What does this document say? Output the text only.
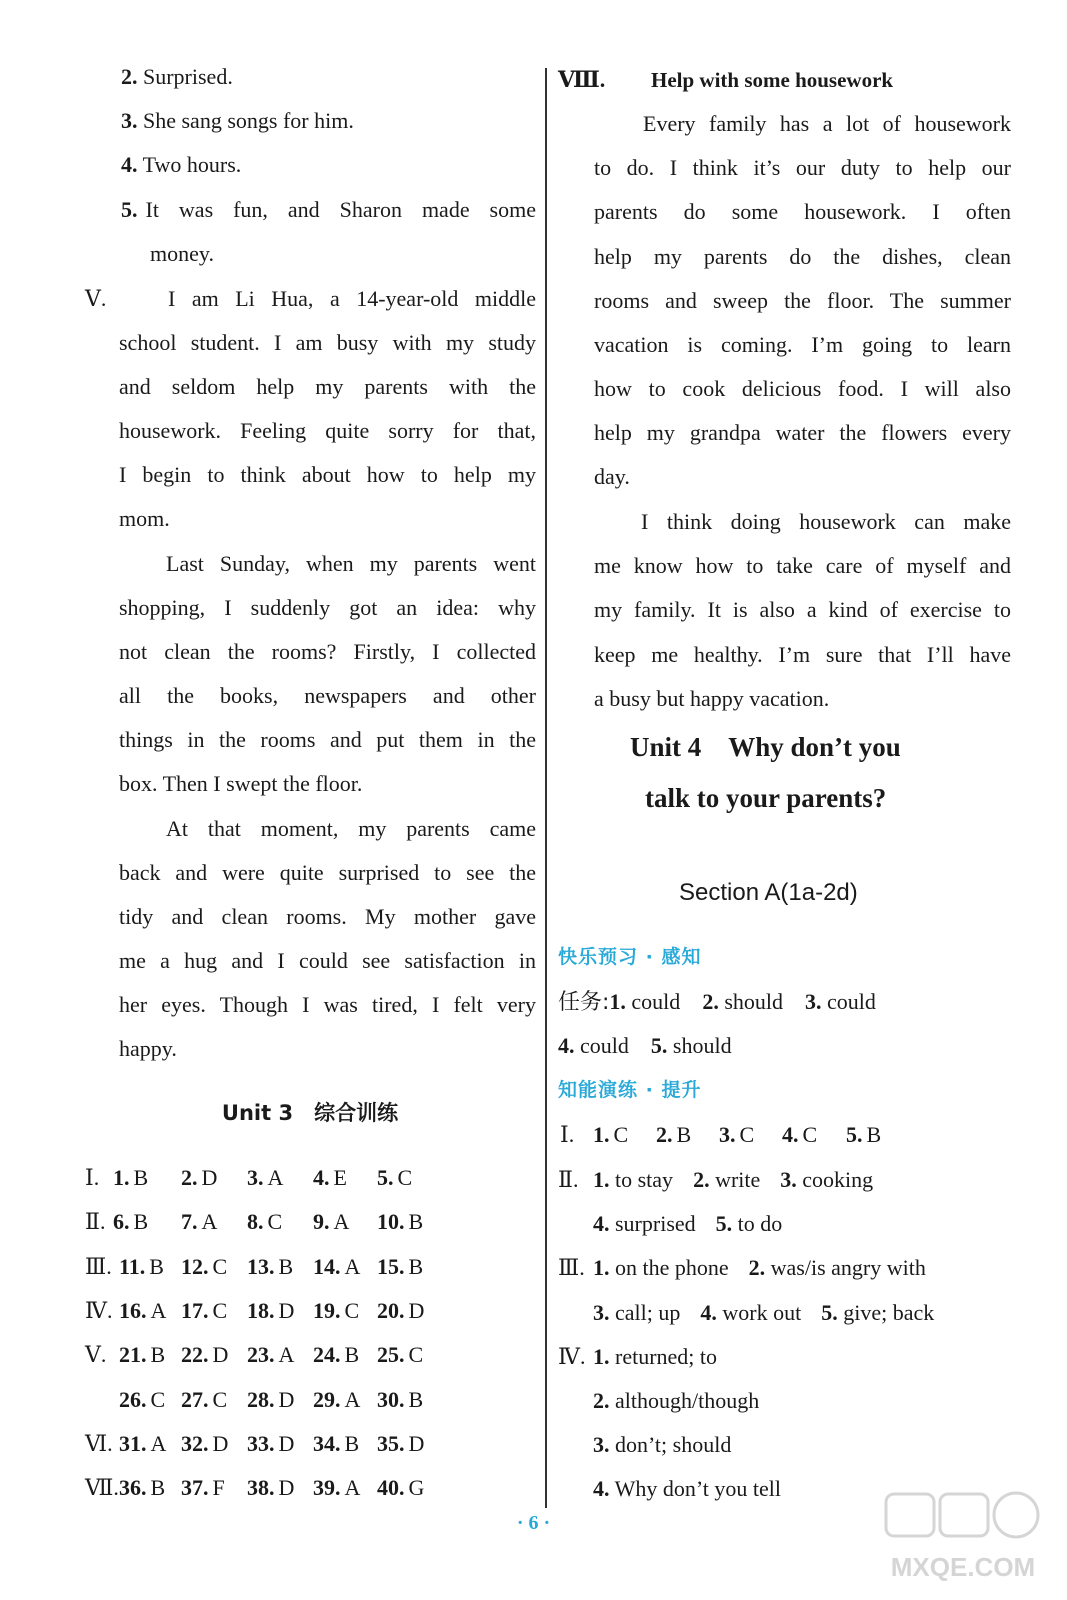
2. Surprised.
3. She sang songs for him.
4. Two hours.
5. It was fun, and Sharon made some
money.
Ⅴ.	I am Li Hua, a 14-year-old middle
school student. I am busy with my study
and seldom help my parents with the
housework. Feeling quite sorry for that,
I begin to think about how to help my
mom.
Last Sunday, when my parents went
shopping, I suddenly got an idea: why
not clean the rooms? Firstly, I collected
all the books, newspapers and other
things in the rooms and put them in the
box. Then I swept the floor.
At that moment, my parents came
back and were quite surprised to see the
tidy and clean rooms. My mother gave
me a hug and I could see satisfaction in
her eyes. Though I was tired, I felt very
happy.
Unit 3　综合训练
Ⅰ. 1. B 2. D 3. A 4. E 5. C
Ⅱ. 6. B 7. A 8. C 9. A 10. B
Ⅲ. 11. B 12. C 13. B 14. A 15. B
Ⅳ. 16. A 17. C 18. D 19. C 20. D
Ⅴ. 21. B 22. D 23. A 24. B 25. C
26. C 27. C 28. D 29. A 30. B
Ⅵ. 31. A 32. D 33. D 34. B 35. D
Ⅶ. 36. B 37. F 38. D 39. A 40. G
Ⅷ. Help with some housework
Every family has a lot of housework
to do. I think it’s our duty to help our
parents do some housework. I often
help my parents do the dishes, clean
rooms and sweep the floor. The summer
vacation is coming. I’m going to learn
how to cook delicious food. I will also
help my grandpa water the flowers every
day.
I think doing housework can make
me know how to take care of myself and
my family. It is also a kind of exercise to
keep me healthy. I’m sure that I’ll have
a busy but happy vacation.
Unit 4　Why don’t you
talk to your parents?
Section A(1a-2d)
快乐预习 · 感知
任务:1. could 2. should 3. could
4. could 5. should
知能演练 · 提升
Ⅰ. 1. C 2. B 3. C 4. C 5. B
Ⅱ. 1. to stay 2. write 3. cooking
4. surprised 5. to do
Ⅲ. 1. on the phone 2. was/is angry with
3. call; up 4. work out 5. give; back
Ⅳ. 1. returned; to
2. although/though
3. don’t; should
4. Why don’t you tell
· 6 ·
MXQE.COM
